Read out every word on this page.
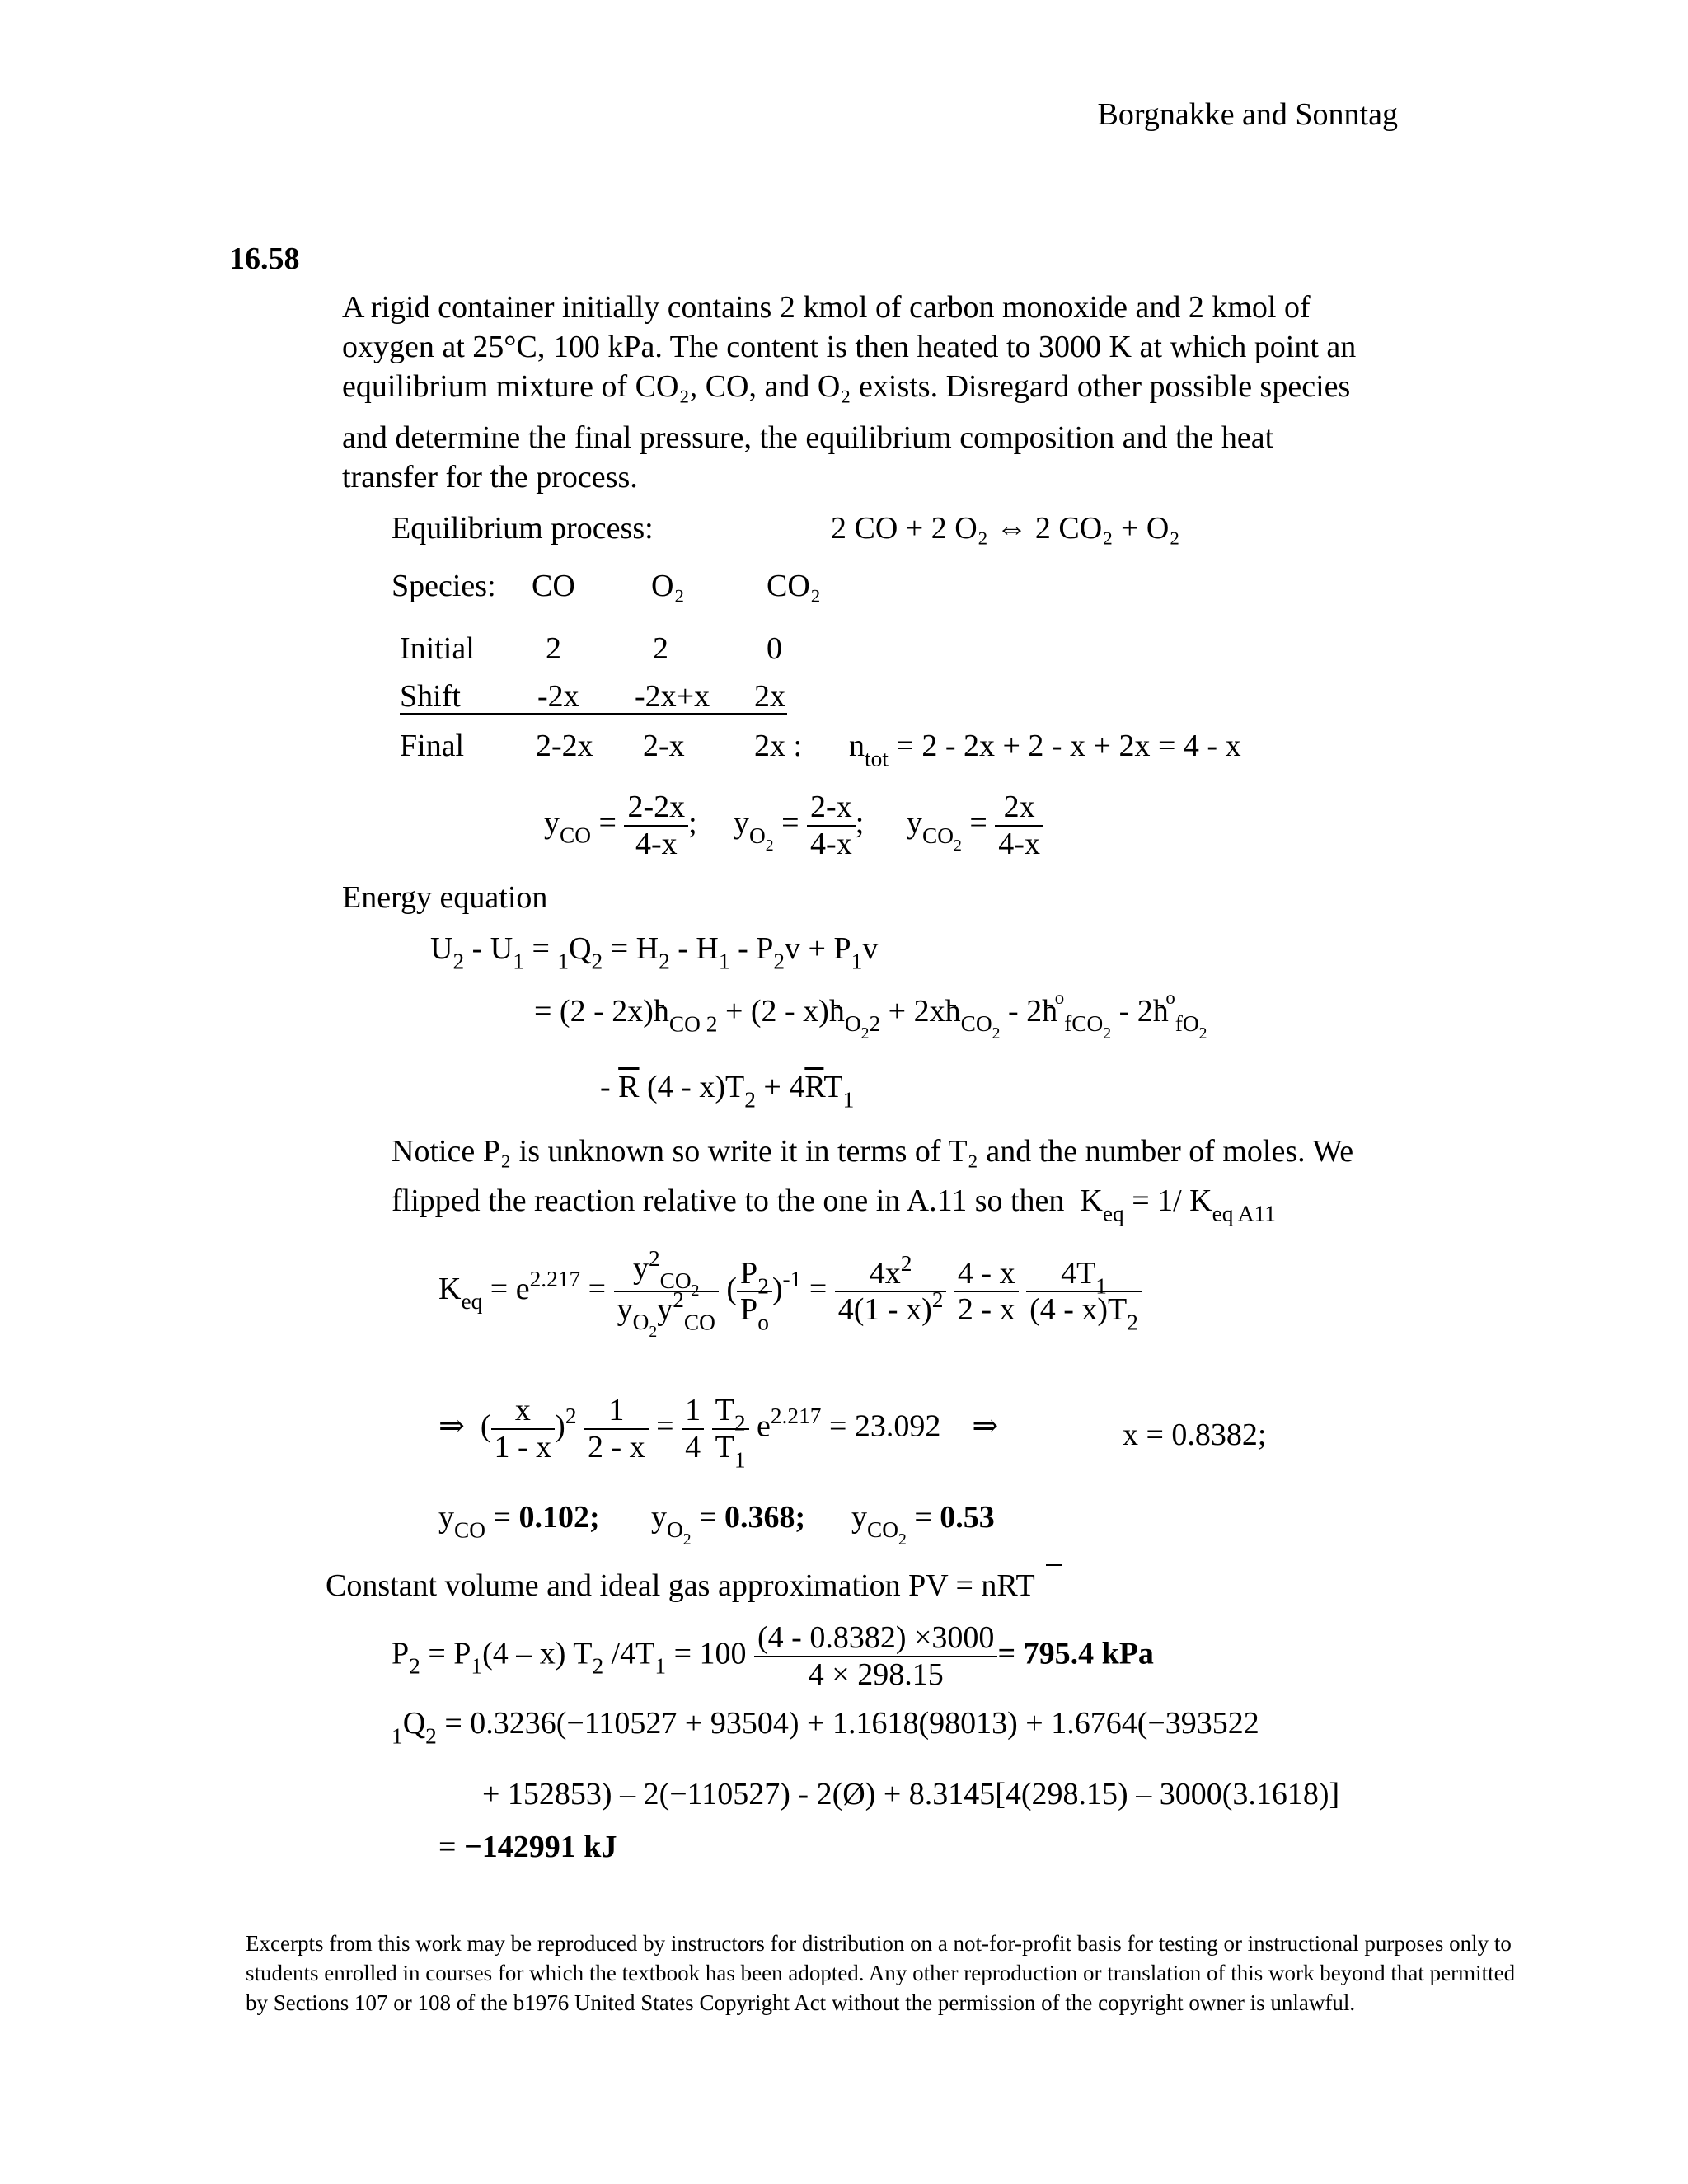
Borgnakke and Sonntag
16.58
A rigid container initially contains 2 kmol of carbon monoxide and 2 kmol of
oxygen at 25°C, 100 kPa. The content is then heated to 3000 K at which point an
equilibrium mixture of CO₂, CO, and O₂ exists. Disregard other possible species
and determine the final pressure, the equilibrium composition and the heat
transfer for the process.
Equilibrium process:	2 CO + 2 O₂ ⇔ 2 CO₂ + O₂
Species: CO O₂	CO₂
Initial 2	2	0
Shift -2x -2x+x 2x
Final 2-2x 2-x 2x : $n_{tot} = 2 - 2x + 2 - x + 2x = 4 - x$
$y_{CO} = \frac{2-2x}{4-x}$ ; $y_{O_2} = \frac{2-x}{4-x}$ ; $y_{CO_2} = \frac{2x}{4-x}$
Energy equation
$U_2 - U_1 = _1Q_2 = H_2 - H_1 - P_2v + P_1v$
= $(2 - 2x)h_{CO 2} + (2 - x)h_{O_22} + 2xh_{CO_2} - 2h^o_{fCO_2} - 2h^o_{fO_2}$
- $\overline{R}$ $(4 - x)T_2 + 4\overline{R}T_1$
Notice P₂ is unknown so write it in terms of T₂ and the number of moles. We
flipped the reaction relative to the one in A.11 so then  $K_{eq} = 1/$ $K_{eq A11}$
$K_{eq} = e^{2.217} = \frac{y^2_{CO_2}}{y_{O_2}y^2_{CO}}$ ( $\frac{P_2}{P_o} )^{-1} = \frac{4x^2}{4(1 - x)^2}$
$\frac{4 - x}{2 - x}$
$\frac{4T_1}{(4 - x)T_2}$
⇒  ( $\frac{x}{1 - x} )^2 \frac{1}{2 - x} = \frac{1}{4}$
$\frac{T_2}{T_1} e^{2.217} = 23.092$    ⇒	x = 0.8382;
$y_{CO} = 0.102$; $y_{O_2} = 0.368$; $y_{CO_2} = 0.53$
Constant volume and ideal gas approximation PV = nRT
$P_2 = P_1(4 - x)$ $T_2$ $/4T_1 = 100 \frac{(4 - 0.8382) \times 3000}{4 \times 298.15} = 795.4$ kPa
$_1Q_2 = 0.3236(-110527 + 93504) + 1.1618(98013) + 1.6764(-393522$
+ 152853) – 2(−110527) - 2(Ø) + 8.3145[4(298.15) – 3000(3.1618)]
= −142991 kJ
Excerpts from this work may be reproduced by instructors for distribution on a not-for-profit basis for testing or instructional purposes only to students enrolled in courses for which the textbook has been adopted. Any other reproduction or translation of this work beyond that permitted by Sections 107 or 108 of the b1976 United States Copyright Act without the permission of the copyright owner is unlawful.
